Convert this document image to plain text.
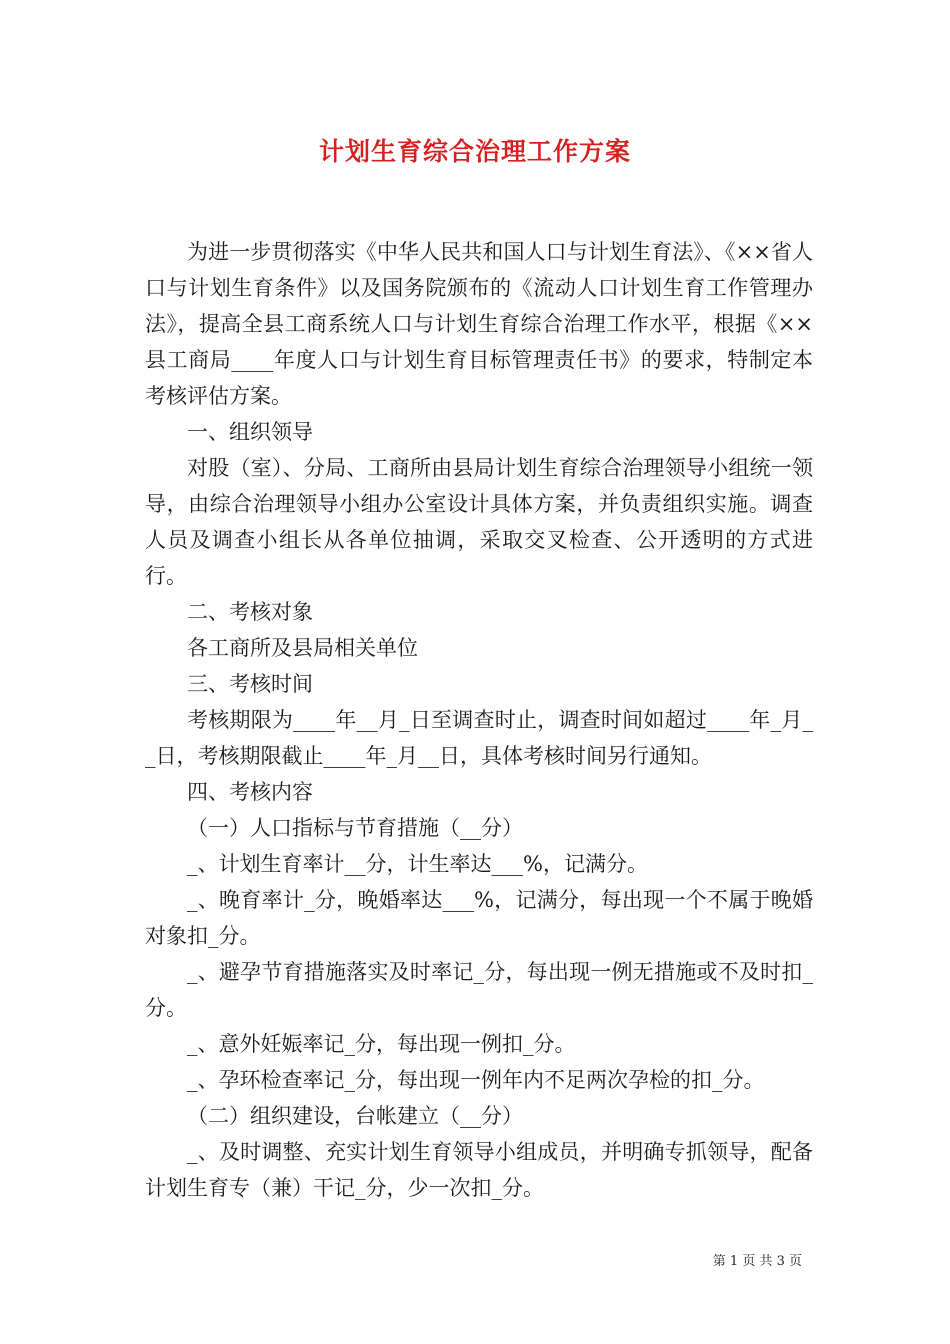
计划生育综合治理工作方案

为进一步贯彻落实《中华人民共和国人口与计划生育法》、《××省人口与计划生育条件》以及国务院颁布的《流动人口计划生育工作管理办法》，提高全县工商系统人口与计划生育综合治理工作水平，根据《××县工商局____年度人口与计划生育目标管理责任书》的要求，特制定本考核评估方案。

一、组织领导

对股（室）、分局、工商所由县局计划生育综合治理领导小组统一领导，由综合治理领导小组办公室设计具体方案，并负责组织实施。调查人员及调查小组长从各单位抽调，采取交叉检查、公开透明的方式进行。

二、考核对象

各工商所及县局相关单位

三、考核时间

考核期限为____年__月_日至调查时止，调查时间如超过____年_月__日，考核期限截止____年_月__日，具体考核时间另行通知。

四、考核内容

（一）人口指标与节育措施（__分）

_、计划生育率计__分，计生率达___%，记满分。

_、晚育率计_分，晚婚率达___%，记满分，每出现一个不属于晚婚对象扣_分。

_、避孕节育措施落实及时率记_分，每出现一例无措施或不及时扣_分。

_、意外妊娠率记_分，每出现一例扣_分。

_、孕环检查率记_分，每出现一例年内不足两次孕检的扣_分。

（二）组织建设，台帐建立（__分）

_、及时调整、充实计划生育领导小组成员，并明确专抓领导，配备计划生育专（兼）干记_分，少一次扣_分。

第 1 页 共 3 页
